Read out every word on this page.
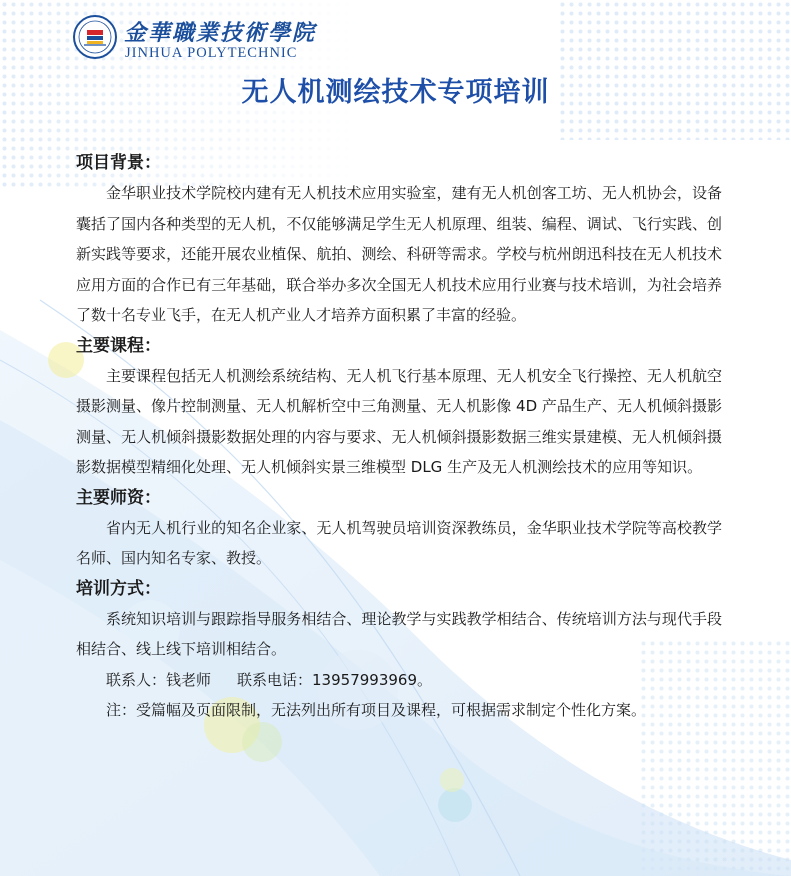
金華職業技術學院
JINHUA POLYTECHNIC
无人机测绘技术专项培训
项目背景：

金华职业技术学院校内建有无人机技术应用实验室，建有无人机创客工坊、无人机协会，设备囊括了国内各种类型的无人机，不仅能够满足学生无人机原理、组装、编程、调试、飞行实践、创新实践等要求，还能开展农业植保、航拍、测绘、科研等需求。学校与杭州朗迅科技在无人机技术应用方面的合作已有三年基础，联合举办多次全国无人机技术应用行业赛与技术培训，为社会培养了数十名专业飞手，在无人机产业人才培养方面积累了丰富的经验。

主要课程：

主要课程包括无人机测绘系统结构、无人机飞行基本原理、无人机安全飞行操控、无人机航空摄影测量、像片控制测量、无人机解析空中三角测量、无人机影像 4D 产品生产、无人机倾斜摄影测量、无人机倾斜摄影数据处理的内容与要求、无人机倾斜摄影数据三维实景建模、无人机倾斜摄影数据模型精细化处理、无人机倾斜实景三维模型 DLG 生产及无人机测绘技术的应用等知识。

主要师资：

省内无人机行业的知名企业家、无人机驾驶员培训资深教练员，金华职业技术学院等高校教学名师、国内知名专家、教授。

培训方式：

系统知识培训与跟踪指导服务相结合、理论教学与实践教学相结合、传统培训方法与现代手段相结合、线上线下培训相结合。

联系人：钱老师 联系电话：13957993969。

注：受篇幅及页面限制，无法列出所有项目及课程，可根据需求制定个性化方案。
